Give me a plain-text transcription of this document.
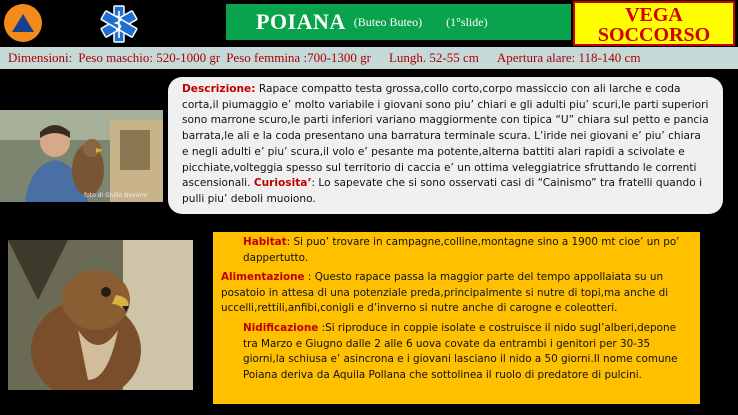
POIANA (Buteo Buteo) (1°slide)	VEGA
SOCCORSO
Dimensioni: Peso maschio: 520-1000 gr Peso femmina :700-1300 gr Lungh. 52-55 cm Apertura alare: 118-140 cm
foto di Giulio Novemi
Descrizione: Rapace compatto testa grossa,collo corto,corpo massiccio con ali larche e coda corta,il piumaggio e’ molto variabile i giovani sono piu’ chiari e gli adulti piu’ scuri,le parti superiori sono marrone scuro,le parti inferiori variano maggiormente con tipica “U” chiara sul petto e pancia barrata,le ali e la coda presentano una barratura terminale scura. L’iride nei giovani e’ piu’ chiara e negli adulti e’ piu’ scura,il volo e’ pesante ma potente,alterna battiti alari rapidi a scivolate e picchiate,volteggia spesso sul territorio di caccia e’ un ottima veleggiatrice sfruttando le correnti ascensionali. Curiosita’: Lo sapevate che si sono osservati casi di “Cainismo” tra fratelli quando i pulli piu’ deboli muoiono.

Habitat: Si puo’ trovare in campagne,colline,montagne sino a 1900 mt cioe’ un po’ dappertutto.

Alimentazione : Questo rapace passa la maggior parte del tempo appollaiata su un posatoio in attesa di una potenziale preda,principalmente si nutre di topi,ma anche di uccelli,rettili,anfibi,conigli e d’inverno si nutre anche di carogne e coleotteri.

Nidificazione :Si riproduce in coppie isolate e costruisce il nido sugl’alberi,depone tra Marzo e Giugno dalle 2 alle 6 uova covate da entrambi i genitori per 30-35 giorni,la schiusa e’ asincrona e i giovani lasciano il nido a 50 giorni.Il nome comune Poiana deriva da Aquila Pollana che sottolinea il ruolo di predatore di pulcini.
